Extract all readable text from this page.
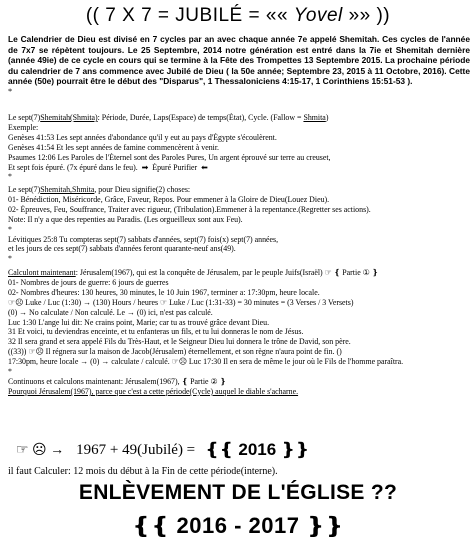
(( 7 X 7 = JUBILÉ = «« Yovel »» ))
Le Calendrier de Dieu est divisé en 7 cycles par an avec chaque année 7e appelé Shemitah. Ces cycles de l'année de 7x7 se répètent toujours. Le 25 Septembre, 2014 notre génération est entré dans la 7ie et Shemitah dernière (année 49ie) de ce cycle en cours qui se termine à la Fête des Trompettes 13 Septembre 2015. La prochaine période du calendrier de 7 ans commence avec Jubilé de Dieu ( la 50e année; Septembre 23, 2015 à 11 Octobre, 2016). Cette année (50e) pourrait être le début des "Disparus", 1 Thessaloniciens 4:15-17, 1 Corinthiens 15:51-53 ).
*
Le sept(7)Shemitah(Shmita): Période, Durée, Laps(Espace) de temps(État), Cycle. (Fallow = Shmita)
Exemple:
Genèses 41:53 Les sept années d'abondance qu'il y eut au pays d'Égypte s'écoulèrent.
Genèses 41:54 Et les sept années de famine commencèrent à venir.
Psaumes 12:06 Les Paroles de l'Éternel sont des Paroles Pures, Un argent éprouvé sur terre au creuset,
Et sept fois épuré. (7x épuré dans le feu).  ➡  Épuré Purifier  ⬅
*
Le sept(7)Shemitah,Shmita, pour Dieu signifie(2) choses:
01- Bénédiction, Miséricorde, Grâce, Faveur, Repos. Pour emmener à la Gloire de Dieu(Louez Dieu).
02- Épreuves, Feu, Souffrance, Traiter avec rigueur, (Tribulation).Emmener à la repentance.(Regretter ses actions).
Note: Il n'y a que des repenties au Paradis. (Les orgueilleux sont aux Feu).
*
Lévitiques 25:8 Tu compteras sept(7) sabbats d'années, sept(7) fois(x) sept(7) années,
et les jours de ces sept(7) sabbats d'années feront quarante-neuf ans(49).
*
Calculont maintenant: Jérusalem(1967), qui est la conquête de Jérusalem, par le peuple Juifs(Israël) ☞ ❴ Partie ① ❵
01- Nombres de jours de guerre: 6 jours de guerres
02- Nombres d'heures: 130 heures, 30 minutes, le 10 Juin 1967, terminer a: 17:30pm, heure locale.
☞☹ Luke / Luc (1:30) → (130) Hours / heures ☞ Luke / Luc (1:31-33) = 30 minutes = (3 Verses / 3 Versets)
(0) → No calculate / Non calculé. Le → (0) ici, n'est pas calculé.
Luc 1:30 L'ange lui dit: Ne crains point, Marie; car tu as trouvé grâce devant Dieu.
31 Et voici, tu deviendras enceinte, et tu enfanteras un fils, et tu lui donneras le nom de Jésus.
32 Il sera grand et sera appelé Fils du Très-Haut, et le Seigneur Dieu lui donnera le trône de David, son père.
((33)) ☞☹ Il régnera sur la maison de Jacob(Jérusalem) éternellement, et son règne n'aura point de fin. ()
17:30pm, heure locale → (0) → calculate / calculé. ☞☹ Luc 17:30 Il en sera de même le jour où le Fils de l'homme paraîtra.
*
Continuons et calculons maintenant: Jérusalem(1967), ❴ Partie ② ❵
Pourquoi Jérusalem(1967), parce que c'est a cette période(Cycle) auquel le diable s'acharne.
☞ ☹ → 1967 + 49(Jubilé) = ❴❴ 2016 ❵❵
il faut Calculer: 12 mois du début à la Fin de cette période(interne).
ENLÈVEMENT DE L'ÉGLISE ??
❴❴ 2016 - 2017 ❵❵
